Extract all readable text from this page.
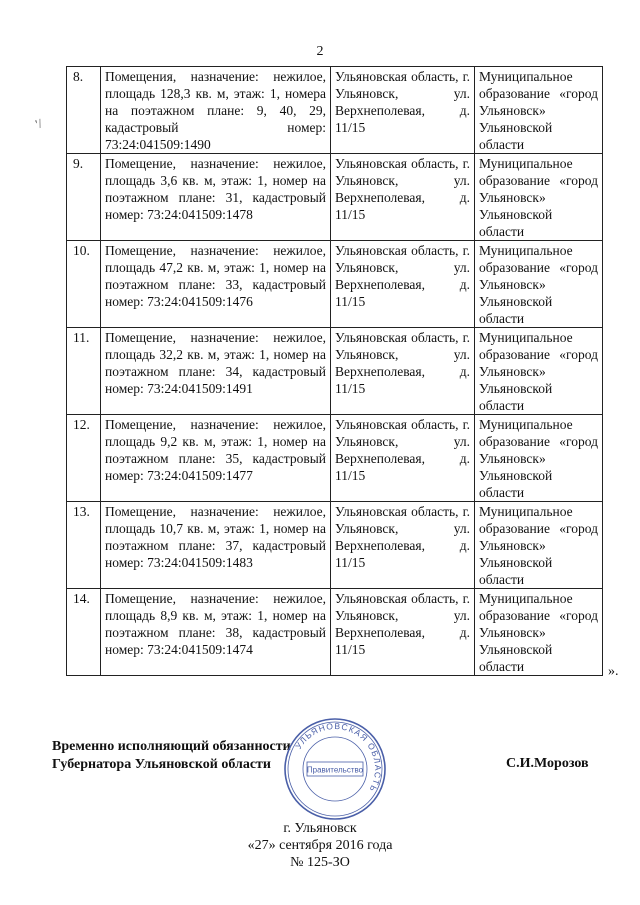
2
'/
8.	Помещения, назначение: нежилое, площадь 128,3 кв. м, этаж: 1, номера на поэтажном плане: 9, 40, 29, кадастровый номер: 73:24:041509:1490	Ульяновская область, г. Ульяновск, ул. Верхнеполевая, д. 11/15	Муниципальное образование «город Ульяновск» Ульяновской области
9.	Помещение, назначение: нежилое, площадь 3,6 кв. м, этаж: 1, номер на поэтажном плане: 31, кадастровый номер: 73:24:041509:1478	Ульяновская область, г. Ульяновск, ул. Верхнеполевая, д. 11/15	Муниципальное образование «город Ульяновск» Ульяновской области
10.	Помещение, назначение: нежилое, площадь 47,2 кв. м, этаж: 1, номер на поэтажном плане: 33, кадастровый номер: 73:24:041509:1476	Ульяновская область, г. Ульяновск, ул. Верхнеполевая, д. 11/15	Муниципальное образование «город Ульяновск» Ульяновской области
11.	Помещение, назначение: нежилое, площадь 32,2 кв. м, этаж: 1, номер на поэтажном плане: 34, кадастровый номер: 73:24:041509:1491	Ульяновская область, г. Ульяновск, ул. Верхнеполевая, д. 11/15	Муниципальное образование «город Ульяновск» Ульяновской области
12.	Помещение, назначение: нежилое, площадь 9,2 кв. м, этаж: 1, номер на поэтажном плане: 35, кадастровый номер: 73:24:041509:1477	Ульяновская область, г. Ульяновск, ул. Верхнеполевая, д. 11/15	Муниципальное образование «город Ульяновск» Ульяновской области
13.	Помещение, назначение: нежилое, площадь 10,7 кв. м, этаж: 1, номер на поэтажном плане: 37, кадастровый номер: 73:24:041509:1483	Ульяновская область, г. Ульяновск, ул. Верхнеполевая, д. 11/15	Муниципальное образование «город Ульяновск» Ульяновской области
14.	Помещение, назначение: нежилое, площадь 8,9 кв. м, этаж: 1, номер на поэтажном плане: 38, кадастровый номер: 73:24:041509:1474	Ульяновская область, г. Ульяновск, ул. Верхнеполевая, д. 11/15	Муниципальное образование «город Ульяновск» Ульяновской области	».
Временно исполняющий обязанности
Губернатора Ульяновской области	С.И.Морозов
УЛЬЯНОВСКАЯ ОБЛАСТЬ
Правительство
г. Ульяновск
«27» сентября 2016 года
№ 125-ЗО
